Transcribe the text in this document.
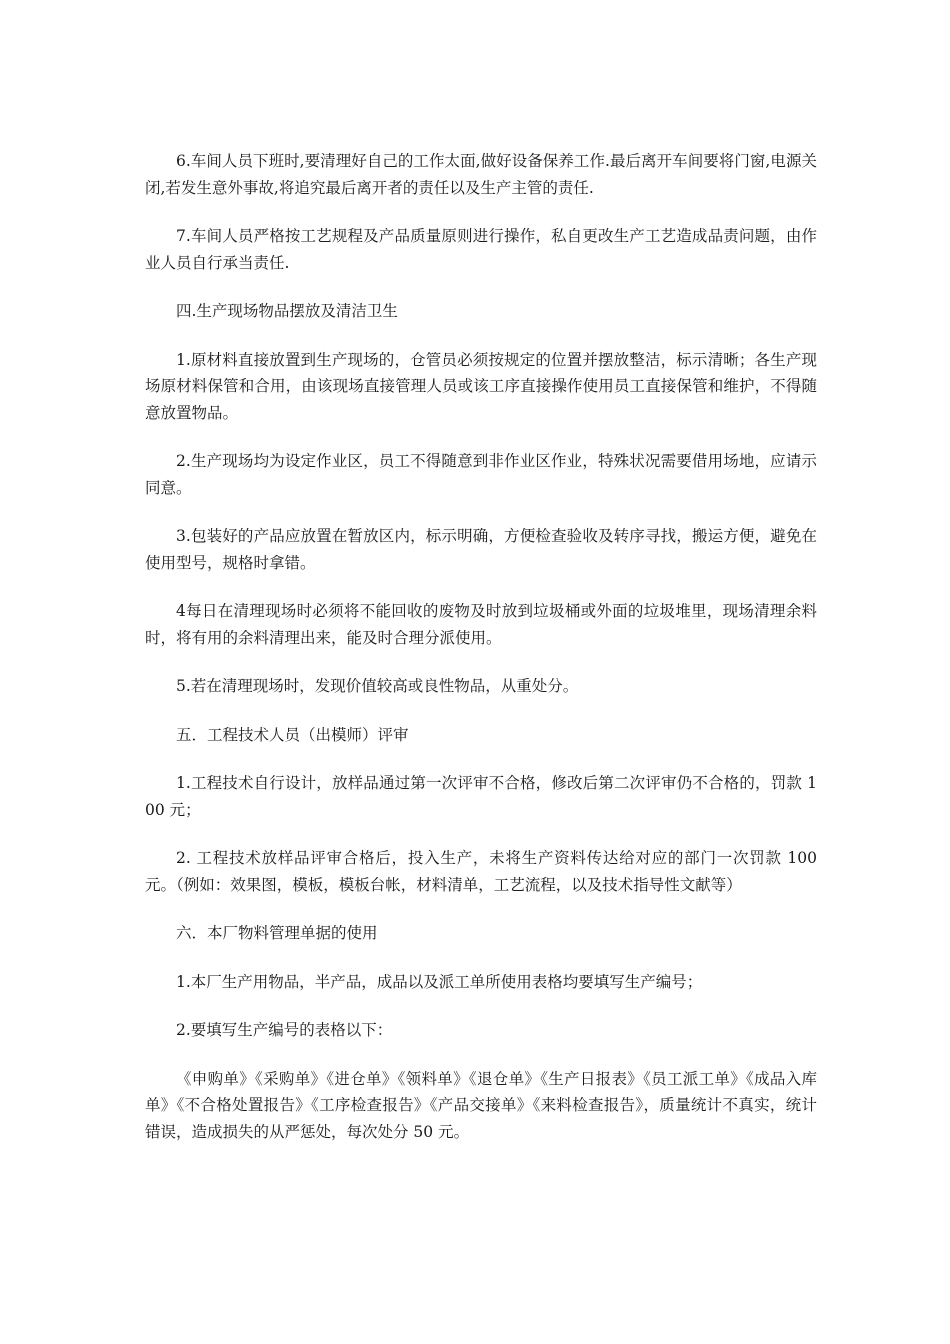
6.车间人员下班时,要清理好自己的工作太面,做好设备保养工作.最后离开车间要将门窗,电源关闭,若发生意外事故,将追究最后离开者的责任以及生产主管的责任.

7.车间人员严格按工艺规程及产品质量原则进行操作，私自更改生产工艺造成品责问题，由作业人员自行承当责任.

四.生产现场物品摆放及清洁卫生

1.原材料直接放置到生产现场的，仓管员必须按规定的位置并摆放整洁，标示清晰；各生产现场原材料保管和合用，由该现场直接管理人员或该工序直接操作使用员工直接保管和维护，不得随意放置物品。

2.生产现场均为设定作业区，员工不得随意到非作业区作业，特殊状况需要借用场地，应请示同意。

3.包装好的产品应放置在暂放区内，标示明确，方便检查验收及转序寻找，搬运方便，避免在使用型号，规格时拿错。

4每日在清理现场时必须将不能回收的废物及时放到垃圾桶或外面的垃圾堆里，现场清理余料时，将有用的余料清理出来，能及时合理分派使用。

5.若在清理现场时，发现价值较高或良性物品，从重处分。

五．工程技术人员（出模师）评审

1.工程技术自行设计，放样品通过第一次评审不合格，修改后第二次评审仍不合格的，罚款 100 元；

2. 工程技术放样品评审合格后，投入生产，未将生产资料传达给对应的部门一次罚款 100 元。（例如：效果图，模板，模板台帐，材料清单，工艺流程，以及技术指导性文献等）

六．本厂物料管理单据的使用

1.本厂生产用物品，半产品，成品以及派工单所使用表格均要填写生产编号；

2.要填写生产编号的表格以下：

《申购单》《采购单》《进仓单》《领料单》《退仓单》《生产日报表》《员工派工单》《成品入库单》《不合格处置报告》《工序检查报告》《产品交接单》《来料检查报告》，质量统计不真实，统计错误，造成损失的从严惩处，每次处分 50 元。
